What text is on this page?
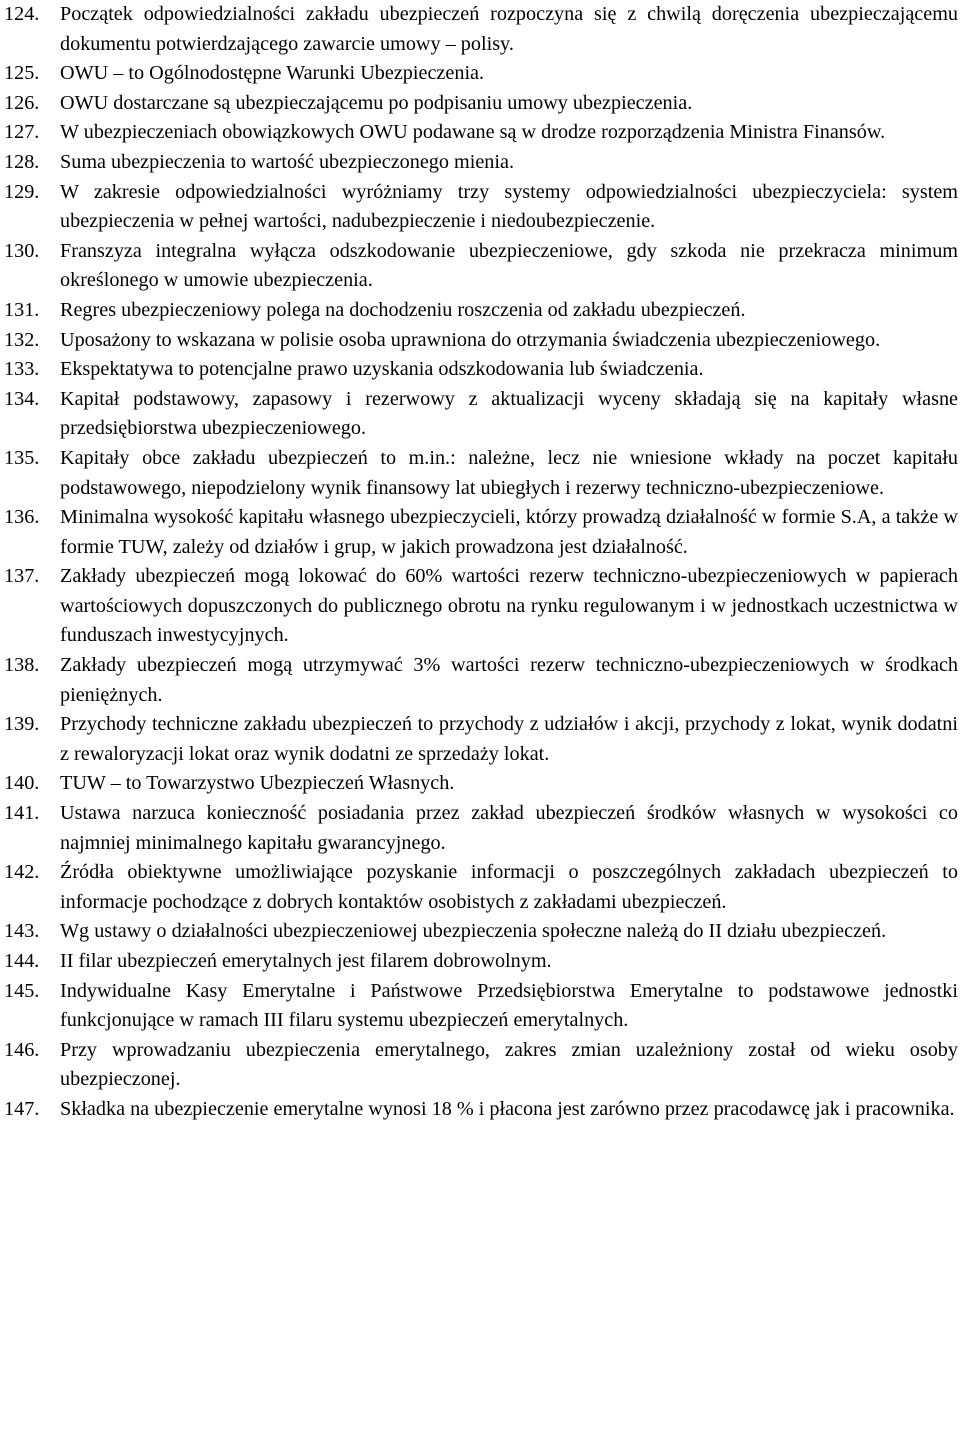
124.	Początek odpowiedzialności zakładu ubezpieczeń rozpoczyna się z chwilą doręczenia ubezpieczającemu dokumentu potwierdzającego zawarcie umowy – polisy.
125.	OWU – to Ogólnodostępne Warunki Ubezpieczenia.
126.	OWU dostarczane są ubezpieczającemu po podpisaniu umowy ubezpieczenia.
127.	W ubezpieczeniach obowiązkowych OWU podawane są w drodze rozporządzenia Ministra Finansów.
128.	Suma ubezpieczenia to wartość ubezpieczonego mienia.
129.	W zakresie odpowiedzialności wyróżniamy trzy systemy odpowiedzialności ubezpieczyciela: system ubezpieczenia w pełnej wartości, nadubezpieczenie i niedoubezpieczenie.
130.	Franszyza integralna wyłącza odszkodowanie ubezpieczeniowe, gdy szkoda nie przekracza minimum określonego w umowie ubezpieczenia.
131.	Regres ubezpieczeniowy polega na dochodzeniu roszczenia od zakładu ubezpieczeń.
132.	Uposażony to wskazana w polisie osoba uprawniona do otrzymania świadczenia ubezpieczeniowego.
133.	Ekspektatywa to potencjalne prawo uzyskania odszkodowania lub świadczenia.
134.	Kapitał podstawowy, zapasowy i rezerwowy z aktualizacji wyceny składają się na kapitały własne przedsiębiorstwa ubezpieczeniowego.
135.	Kapitały obce zakładu ubezpieczeń to m.in.: należne, lecz nie wniesione wkłady na poczet kapitału podstawowego, niepodzielony wynik finansowy lat ubiegłych i rezerwy techniczno-ubezpieczeniowe.
136.	Minimalna wysokość kapitału własnego ubezpieczycieli, którzy prowadzą działalność w formie S.A, a także w formie TUW, zależy od działów i grup, w jakich prowadzona jest działalność.
137.	Zakłady ubezpieczeń mogą lokować do 60% wartości rezerw techniczno-ubezpieczeniowych w papierach wartościowych dopuszczonych do publicznego obrotu na rynku regulowanym i w jednostkach uczestnictwa w funduszach inwestycyjnych.
138.	Zakłady ubezpieczeń mogą utrzymywać 3% wartości rezerw techniczno-ubezpieczeniowych w środkach pieniężnych.
139.	Przychody techniczne zakładu ubezpieczeń to przychody z udziałów i akcji, przychody z lokat, wynik dodatni z rewaloryzacji lokat oraz wynik dodatni ze sprzedaży lokat.
140.	TUW – to Towarzystwo Ubezpieczeń Własnych.
141.	Ustawa narzuca konieczność posiadania przez zakład ubezpieczeń środków własnych w wysokości co najmniej minimalnego kapitału gwarancyjnego.
142.	Źródła obiektywne umożliwiające pozyskanie informacji o poszczególnych zakładach ubezpieczeń to informacje pochodzące z dobrych kontaktów osobistych z zakładami ubezpieczeń.
143.	Wg ustawy o działalności ubezpieczeniowej ubezpieczenia społeczne należą do II działu ubezpieczeń.
144.	II filar ubezpieczeń emerytalnych jest filarem dobrowolnym.
145.	Indywidualne Kasy Emerytalne i Państwowe Przedsiębiorstwa Emerytalne to podstawowe jednostki funkcjonujące w ramach III filaru systemu ubezpieczeń emerytalnych.
146.	Przy wprowadzaniu ubezpieczenia emerytalnego, zakres zmian uzależniony został od wieku osoby ubezpieczonej.
147.	Składka na ubezpieczenie emerytalne wynosi 18 % i płacona jest zarówno przez pracodawcę jak i pracownika.
